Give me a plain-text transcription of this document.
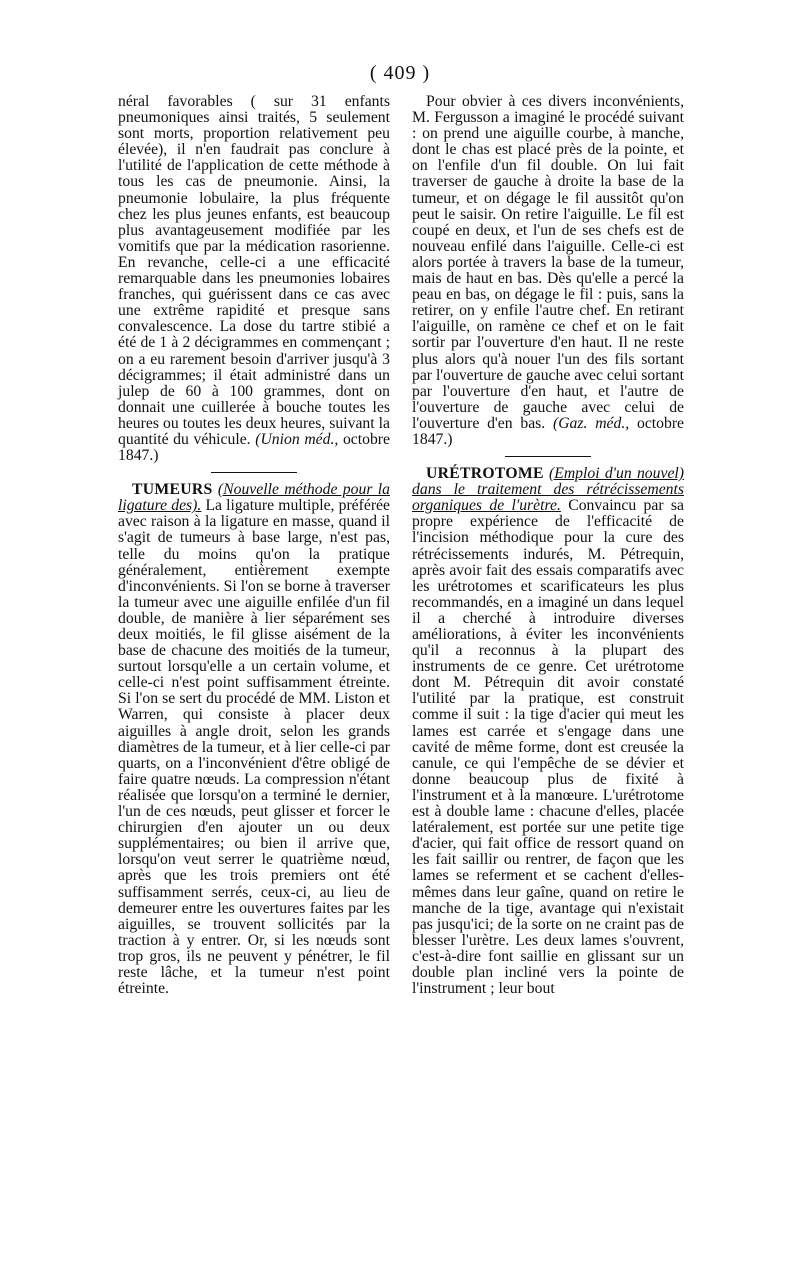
( 409 )

néral favorables ( sur 31 enfants pneumoniques ainsi traités, 5 seulement sont morts, proportion relativement peu élevée), il n'en faudrait pas conclure à l'utilité de l'application de cette méthode à tous les cas de pneumonie. Ainsi, la pneumonie lobulaire, la plus fréquente chez les plus jeunes enfants, est beaucoup plus avantageusement modifiée par les vomitifs que par la médication rasorienne. En revanche, celle-ci a une efficacité remarquable dans les pneumonies lobaires franches, qui guérissent dans ce cas avec une extrême rapidité et presque sans convalescence. La dose du tartre stibié a été de 1 à 2 décigrammes en commençant ; on a eu rarement besoin d'arriver jusqu'à 3 décigrammes; il était administré dans un julep de 60 à 100 grammes, dont on donnait une cuillerée à bouche toutes les heures ou toutes les deux heures, suivant la quantité du véhicule. (Union méd., octobre 1847.)

TUMEURS (Nouvelle méthode pour la ligature des). La ligature multiple, préférée avec raison à la ligature en masse, quand il s'agit de tumeurs à base large, n'est pas, telle du moins qu'on la pratique généralement, entièrement exempte d'inconvénients. Si l'on se borne à traverser la tumeur avec une aiguille enfilée d'un fil double, de manière à lier séparément ses deux moitiés, le fil glisse aisément de la base de chacune des moitiés de la tumeur, surtout lorsqu'elle a un certain volume, et celle-ci n'est point suffisamment étreinte. Si l'on se sert du procédé de MM. Liston et Warren, qui consiste à placer deux aiguilles à angle droit, selon les grands diamètres de la tumeur, et à lier celle-ci par quarts, on a l'inconvénient d'être obligé de faire quatre nœuds. La compression n'étant réalisée que lorsqu'on a terminé le dernier, l'un de ces nœuds, peut glisser et forcer le chirurgien d'en ajouter un ou deux supplémentaires; ou bien il arrive que, lorsqu'on veut serrer le quatrième nœud, après que les trois premiers ont été suffisamment serrés, ceux-ci, au lieu de demeurer entre les ouvertures faites par les aiguilles, se trouvent sollicités par la traction à y entrer. Or, si les nœuds sont trop gros, ils ne peuvent y pénétrer, le fil reste lâche, et la tumeur n'est point étreinte.

Pour obvier à ces divers inconvénients, M. Fergusson a imaginé le procédé suivant : on prend une aiguille courbe, à manche, dont le chas est placé près de la pointe, et on l'enfile d'un fil double. On lui fait traverser de gauche à droite la base de la tumeur, et on dégage le fil aussitôt qu'on peut le saisir. On retire l'aiguille. Le fil est coupé en deux, et l'un de ses chefs est de nouveau enfilé dans l'aiguille. Celle-ci est alors portée à travers la base de la tumeur, mais de haut en bas. Dès qu'elle a percé la peau en bas, on dégage le fil : puis, sans la retirer, on y enfile l'autre chef. En retirant l'aiguille, on ramène ce chef et on le fait sortir par l'ouverture d'en haut. Il ne reste plus alors qu'à nouer l'un des fils sortant par l'ouverture de gauche avec celui sortant par l'ouverture d'en haut, et l'autre de l'ouverture de gauche avec celui de l'ouverture d'en bas. (Gaz. méd., octobre 1847.)

URÉTROTOME (Emploi d'un nouvel) dans le traitement des rétrécissements organiques de l'urètre. Convaincu par sa propre expérience de l'efficacité de l'incision méthodique pour la cure des rétrécissements indurés, M. Pétrequin, après avoir fait des essais comparatifs avec les urétrotomes et scarificateurs les plus recommandés, en a imaginé un dans lequel il a cherché à introduire diverses améliorations, à éviter les inconvénients qu'il a reconnus à la plupart des instruments de ce genre. Cet urétrotome dont M. Pétrequin dit avoir constaté l'utilité par la pratique, est construit comme il suit : la tige d'acier qui meut les lames est carrée et s'engage dans une cavité de même forme, dont est creusée la canule, ce qui l'empêche de se dévier et donne beaucoup plus de fixité à l'instrument et à la manœure. L'urétrotome est à double lame : chacune d'elles, placée latéralement, est portée sur une petite tige d'acier, qui fait office de ressort quand on les fait saillir ou rentrer, de façon que les lames se referment et se cachent d'elles-mêmes dans leur gaîne, quand on retire le manche de la tige, avantage qui n'existait pas jusqu'ici; de la sorte on ne craint pas de blesser l'urètre. Les deux lames s'ouvrent, c'est-à-dire font saillie en glissant sur un double plan incliné vers la pointe de l'instrument ; leur bout
